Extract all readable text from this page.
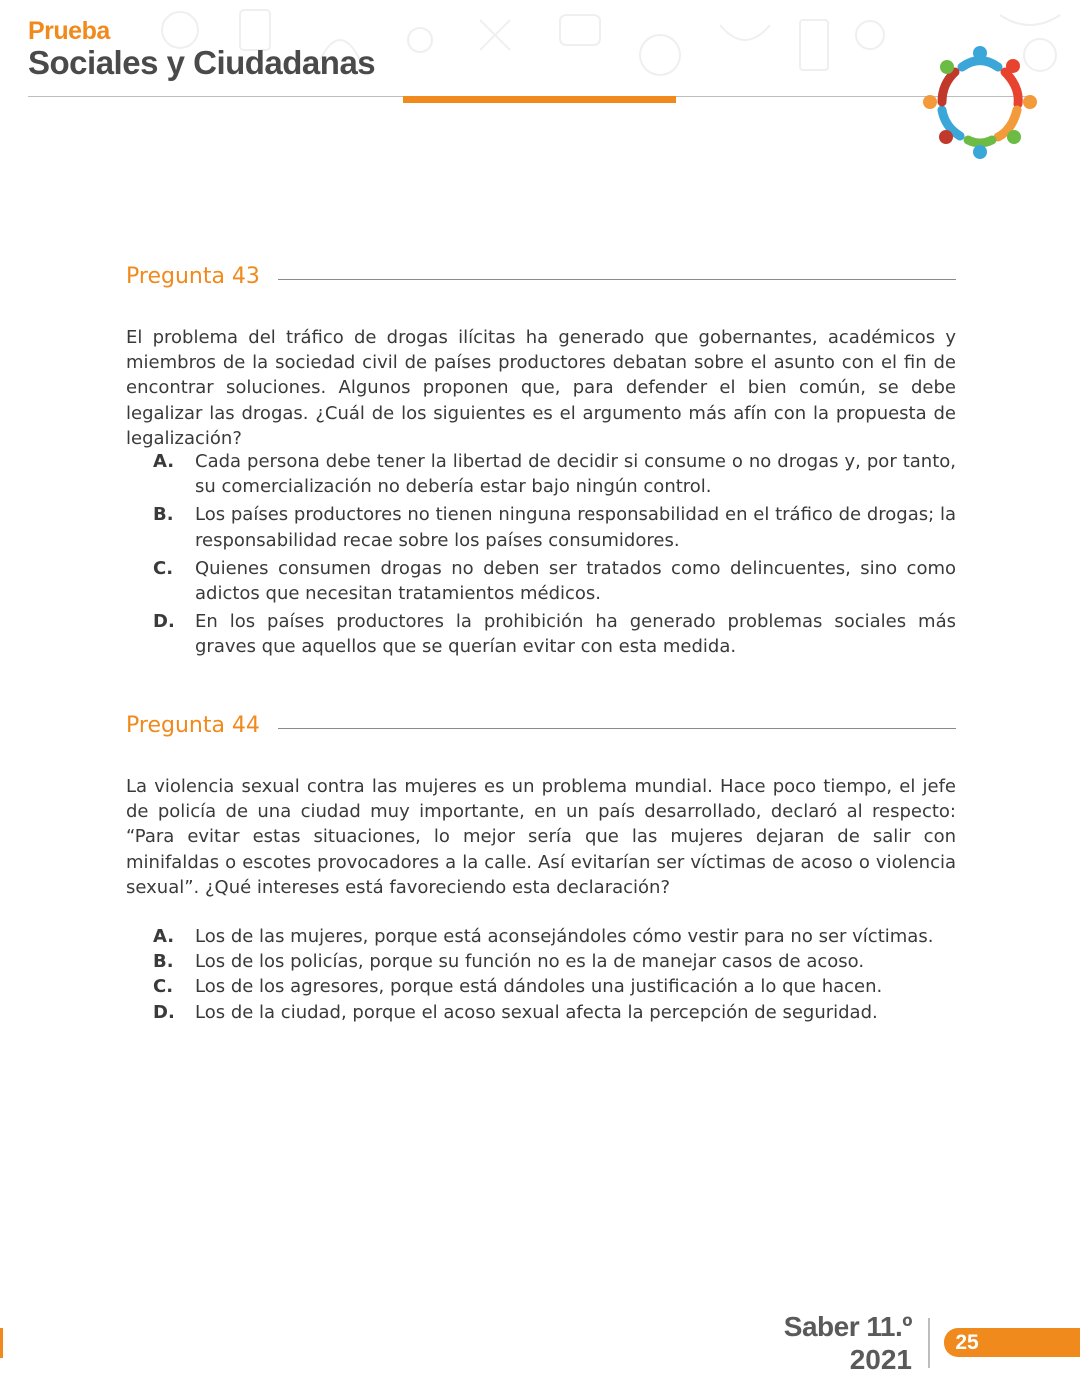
Prueba
Sociales y Ciudadanas
Pregunta 43
El problema del tráfico de drogas ilícitas ha generado que gobernantes, académicos y miembros de la sociedad civil de países productores debatan sobre el asunto con el fin de encontrar soluciones. Algunos proponen que, para defender el bien común, se debe legalizar las drogas. ¿Cuál de los siguientes es el argumento más afín con la propuesta de legalización?
A. Cada persona debe tener la libertad de decidir si consume o no drogas y, por tanto, su comercialización no debería estar bajo ningún control.
B. Los países productores no tienen ninguna responsabilidad en el tráfico de drogas; la responsabilidad recae sobre los países consumidores.
C. Quienes consumen drogas no deben ser tratados como delincuentes, sino como adictos que necesitan tratamientos médicos.
D. En los países productores la prohibición ha generado problemas sociales más graves que aquellos que se querían evitar con esta medida.
Pregunta 44
La violencia sexual contra las mujeres es un problema mundial. Hace poco tiempo, el jefe de policía de una ciudad muy importante, en un país desarrollado, declaró al respecto: “Para evitar estas situaciones, lo mejor sería que las mujeres dejaran de salir con minifaldas o escotes provocadores a la calle. Así evitarían ser víctimas de acoso o violencia sexual”. ¿Qué intereses está favoreciendo esta declaración?
A. Los de las mujeres, porque está aconsejándoles cómo vestir para no ser víctimas.
B. Los de los policías, porque su función no es la de manejar casos de acoso.
C. Los de los agresores, porque está dándoles una justificación a lo que hacen.
D. Los de la ciudad, porque el acoso sexual afecta la percepción de seguridad.
Saber 11.º
2021
25
